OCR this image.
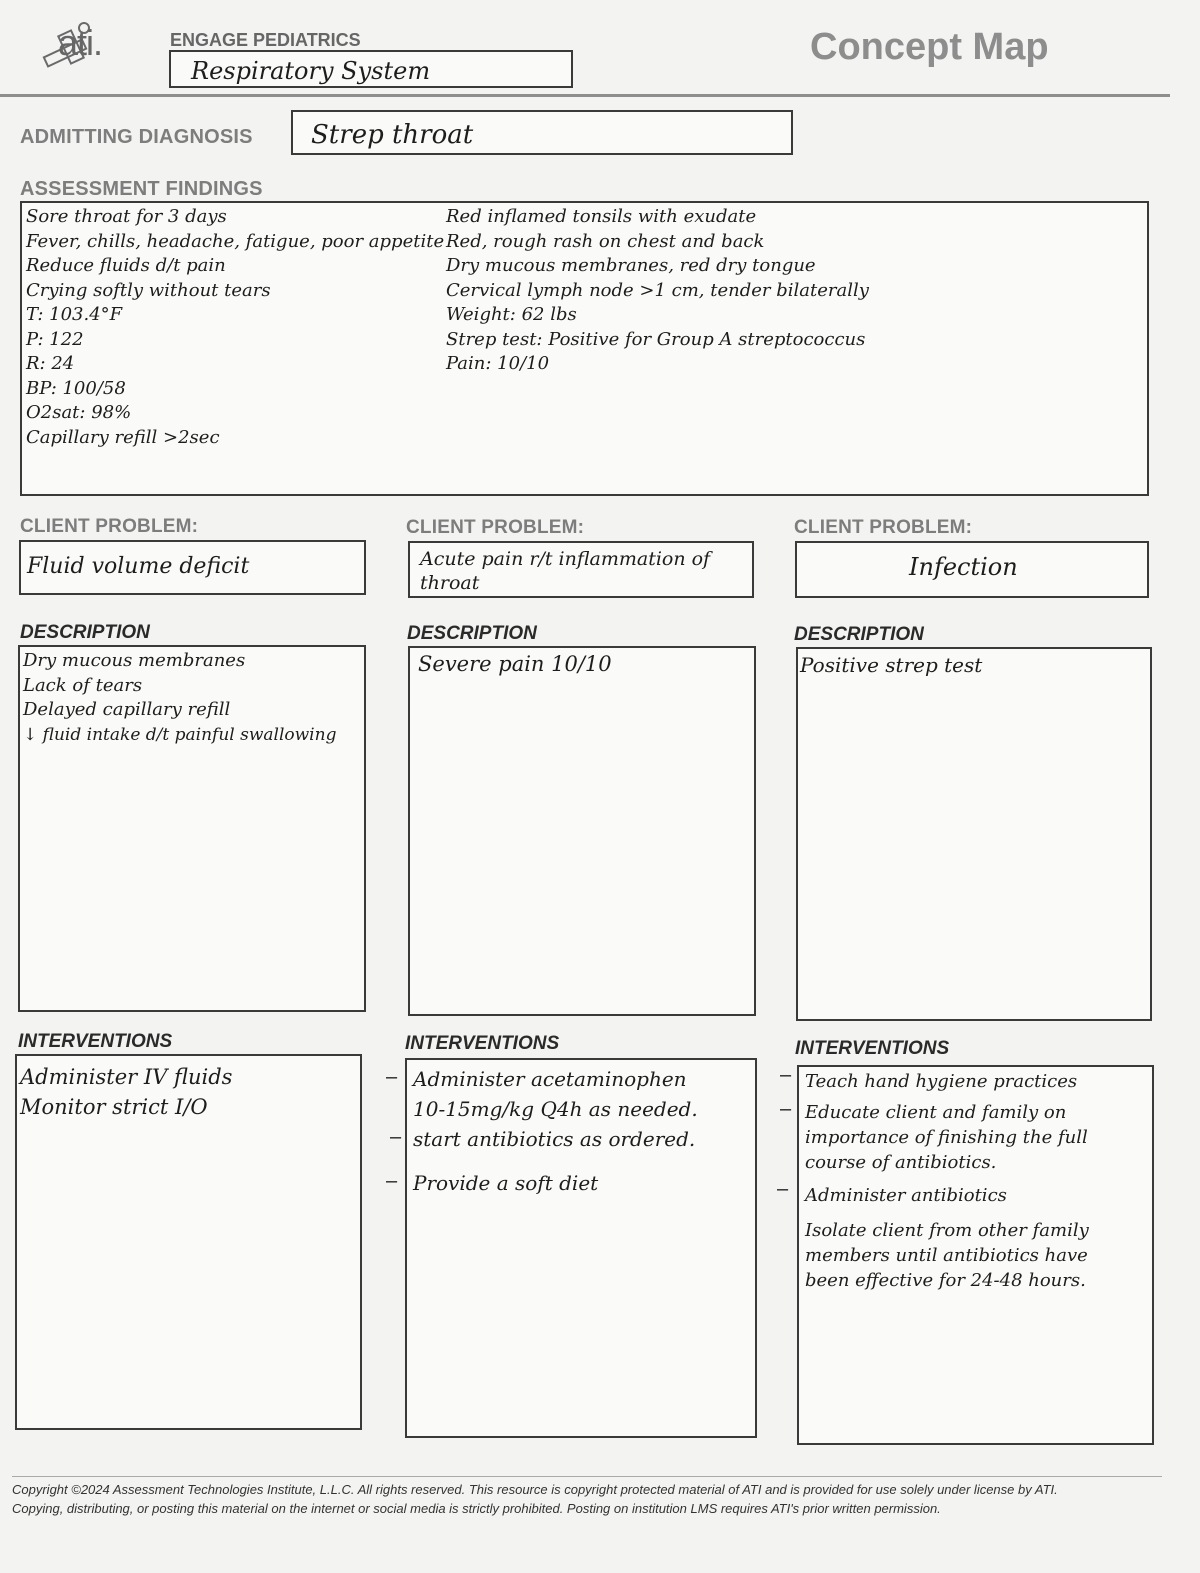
ati.	ENGAGE PEDIATRICS
Respiratory System
Concept Map
ADMITTING DIAGNOSIS Strep throat
ASSESSMENT FINDINGS
Sore throat for 3 days
Fever, chills, headache, fatigue, poor appetite
Reduce fluids d/t pain
Crying softly without tears
T: 103.4°F
P: 122
R: 24
BP: 100/58
O2sat: 98%
Capillary refill >2sec
Red inflamed tonsils with exudate
Red, rough rash on chest and back
Dry mucous membranes, red dry tongue
Cervical lymph node >1 cm, tender bilaterally
Weight: 62 lbs
Strep test: Positive for Group A streptococcus
Pain: 10/10
CLIENT PROBLEM:
Fluid volume deficit
DESCRIPTION
Dry mucous membranes
Lack of tears
Delayed capillary refill
↓ fluid intake d/t painful swallowing
INTERVENTIONS
Administer IV fluids
Monitor strict I/O
CLIENT PROBLEM:
Acute pain r/t inflammation of throat
DESCRIPTION
Severe pain 10/10
INTERVENTIONS
Administer acetaminophen
10-15mg/kg Q4h as needed.
start antibiotics as ordered.
Provide a soft diet
–
–
–
CLIENT PROBLEM:
Infection
DESCRIPTION
Positive strep test
INTERVENTIONS
Teach hand hygiene practices
Educate client and family on
importance of finishing the full
course of antibiotics.
Administer antibiotics
Isolate client from other family
members until antibiotics have
been effective for 24-48 hours.
–
–
–
Copyright ©2024 Assessment Technologies Institute, L.L.C. All rights reserved. This resource is copyright protected material of ATI and is provided for use solely under license by ATI.
Copying, distributing, or posting this material on the internet or social media is strictly prohibited. Posting on institution LMS requires ATI's prior written permission.
